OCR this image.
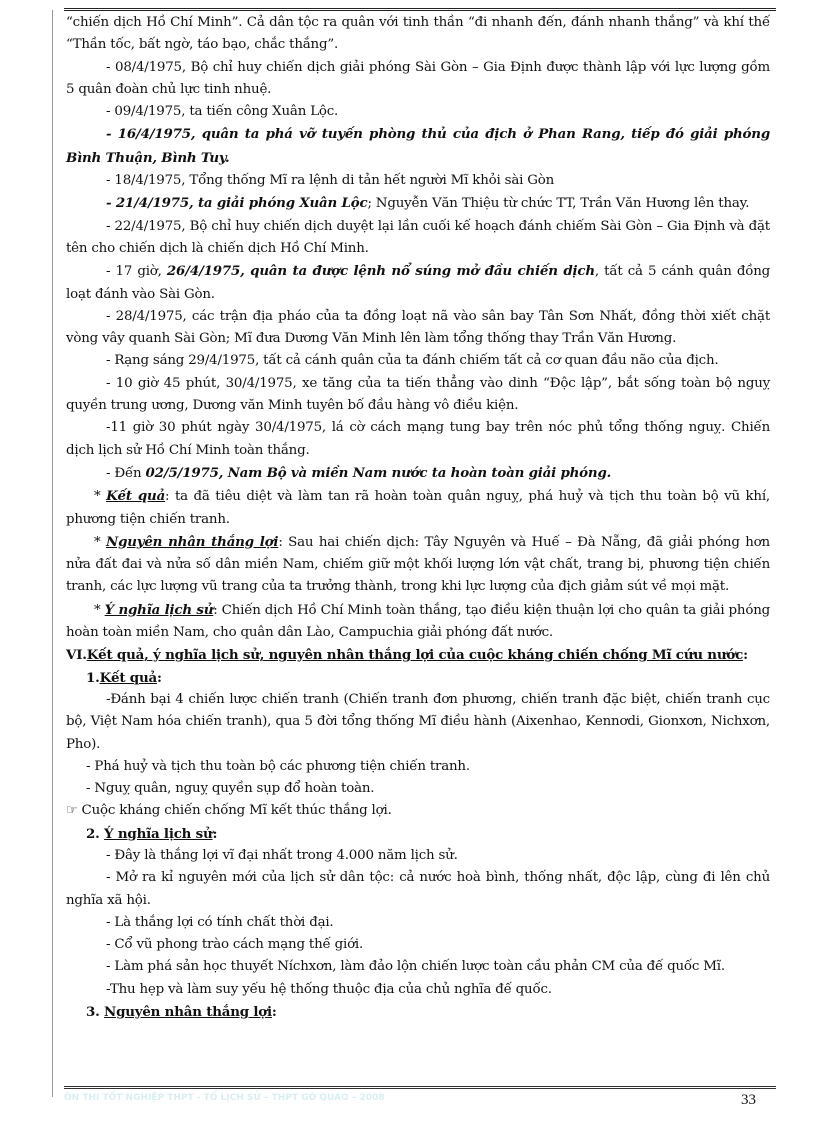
“chiến dịch Hồ Chí Minh”. Cả dân tộc ra quân với tinh thần “đi nhanh đến, đánh nhanh thắng” và khí thế “Thần tốc, bất ngờ, táo bạo, chắc thắng”.

- 08/4/1975, Bộ chỉ huy chiến dịch giải phóng Sài Gòn – Gia Định được thành lập với lực lượng gồm 5 quân đoàn chủ lực tinh nhuệ.

- 09/4/1975, ta tiến công Xuân Lộc.

- 16/4/1975, quân ta phá vỡ tuyến phòng thủ của địch ở Phan Rang, tiếp đó giải phóng Bình Thuận, Bình Tuy.

- 18/4/1975, Tổng thống Mĩ ra lệnh di tản hết người Mĩ khỏi sài Gòn

- 21/4/1975, ta giải phóng Xuân Lộc; Nguyễn Văn Thiệu từ chức TT, Trần Văn Hương lên thay.

- 22/4/1975, Bộ chỉ huy chiến dịch duyệt lại lần cuối kế hoạch đánh chiếm Sài Gòn – Gia Định và đặt tên cho chiến dịch là chiến dịch Hồ Chí Minh.

- 17 giờ, 26/4/1975, quân ta được lệnh nổ súng mở đầu chiến dịch, tất cả 5 cánh quân đồng loạt đánh vào Sài Gòn.

- 28/4/1975, các trận địa pháo của ta đồng loạt nã vào sân bay Tân Sơn Nhất, đồng thời xiết chặt vòng vây quanh Sài Gòn; Mĩ đưa Dương Văn Minh lên làm tổng thống thay Trần Văn Hương.

- Rạng sáng 29/4/1975, tất cả cánh quân của ta đánh chiếm tất cả cơ quan đầu não của địch.

- 10 giờ 45 phút, 30/4/1975, xe tăng của ta tiến thẳng vào dinh “Độc lập”, bắt sống toàn bộ nguỵ quyền trung ương, Dương văn Minh tuyên bố đầu hàng vô điều kiện.

-11 giờ 30 phút ngày 30/4/1975, lá cờ cách mạng tung bay trên nóc phủ tổng thống nguỵ. Chiến dịch lịch sử Hồ Chí Minh toàn thắng.

- Đến 02/5/1975, Nam Bộ và miền Nam nước ta hoàn toàn giải phóng.

* Kết quả: ta đã tiêu diệt và làm tan rã hoàn toàn quân nguỵ, phá huỷ và tịch thu toàn bộ vũ khí, phương tiện chiến tranh.

* Nguyên nhân thắng lợi: Sau hai chiến dịch: Tây Nguyên và Huế – Đà Nẵng, đã giải phóng hơn nửa đất đai và nửa số dân miền Nam, chiếm giữ một khối lượng lớn vật chất, trang bị, phương tiện chiến tranh, các lực lượng vũ trang của ta trưởng thành, trong khi lực lượng của địch giảm sút về mọi mặt.

* Ý nghĩa lịch sử: Chiến dịch Hồ Chí Minh toàn thắng, tạo điều kiện thuận lợi cho quân ta giải phóng hoàn toàn miền Nam, cho quân dân Lào, Campuchia giải phóng đất nước.

VI.Kết quả, ý nghĩa lịch sử, nguyên nhân thắng lợi của cuộc kháng chiến chống Mĩ cứu nước:

1.Kết quả:

-Đánh bại 4 chiến lược chiến tranh (Chiến tranh đơn phương, chiến tranh đặc biệt, chiến tranh cục bộ, Việt Nam hóa chiến tranh), qua 5 đời tổng thống Mĩ điều hành (Aixenhao, Kennơdi, Gionxơn, Nichxơn, Pho).

- Phá huỷ và tịch thu toàn bộ các phương tiện chiến tranh.

- Nguỵ quân, nguỵ quyền sụp đổ hoàn toàn.

☞ Cuộc kháng chiến chống Mĩ kết thúc thắng lợi.

2. Ý nghĩa lịch sử:

- Đây là thắng lợi vĩ đại nhất trong 4.000 năm lịch sử.

- Mở ra kỉ nguyên mới của lịch sử dân tộc: cả nước hoà bình, thống nhất, độc lập, cùng đi lên chủ nghĩa xã hội.

- Là thắng lợi có tính chất thời đại.

- Cổ vũ phong trào cách mạng thế giới.

- Làm phá sản học thuyết Níchxơn, làm đảo lộn chiến lược toàn cầu phản CM của đế quốc Mĩ.

-Thu hẹp và làm suy yếu hệ thống thuộc địa của chủ nghĩa đế quốc.

3. Nguyên nhân thắng lợi:

ÔN THI TỐT NGHIỆP THPT - TỔ LỊCH SỬ – THPT GÒ QUAO – 2008	33
